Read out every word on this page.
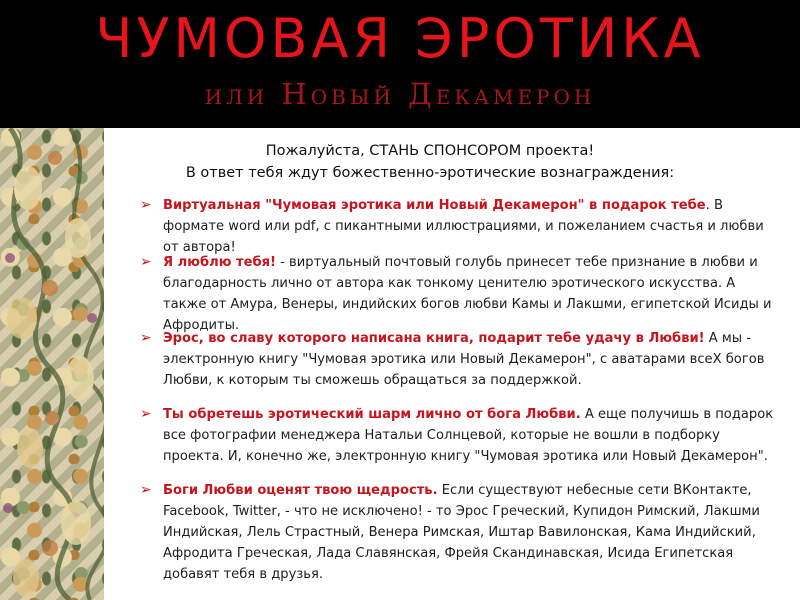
ЧУМОВАЯ ЭРОТИКА
или Новый Декамерон
Пожалуйста, СТАНЬ СПОНСОРОМ проекта!
В ответ тебя ждут божественно-эротические вознаграждения:
➢ Виртуальная "Чумовая эротика или Новый Декамерон" в подарок тебе. В формате word или pdf, с пикантными иллюстрациями, и пожеланием счастья и любви от автора!
➢ Я люблю тебя! - виртуальный почтовый голубь принесет тебе признание в любви и благодарность лично от автора как тонкому ценителю эротического искусства. А также от Амура, Венеры, индийских богов любви Камы и Лакшми, египетской Исиды и Афродиты.
➢ Эрос, во славу которого написана книга, подарит тебе удачу в Любви! А мы - электронную книгу "Чумовая эротика или Новый Декамерон", с аватарами всеХ богов Любви, к которым ты сможешь обращаться за поддержкой.
➢ Ты обретешь эротический шарм лично от бога Любви. А еще получишь в подарок все фотографии менеджера Натальи Солнцевой, которые не вошли в подборку проекта. И, конечно же, электронную книгу "Чумовая эротика или Новый Декамерон".
➢ Боги Любви оценят твою щедрость. Если существуют небесные сети ВКонтакте, Facebook, Twitter, - что не исключено! - то Эрос Греческий, Купидон Римский, Лакшми Индийская, Лель Страстный, Венера Римская, Иштар Вавилонская, Кама Индийский, Афродита Греческая, Лада Славянская, Фрейя Скандинавская, Исида Египетская добавят тебя в друзья.
